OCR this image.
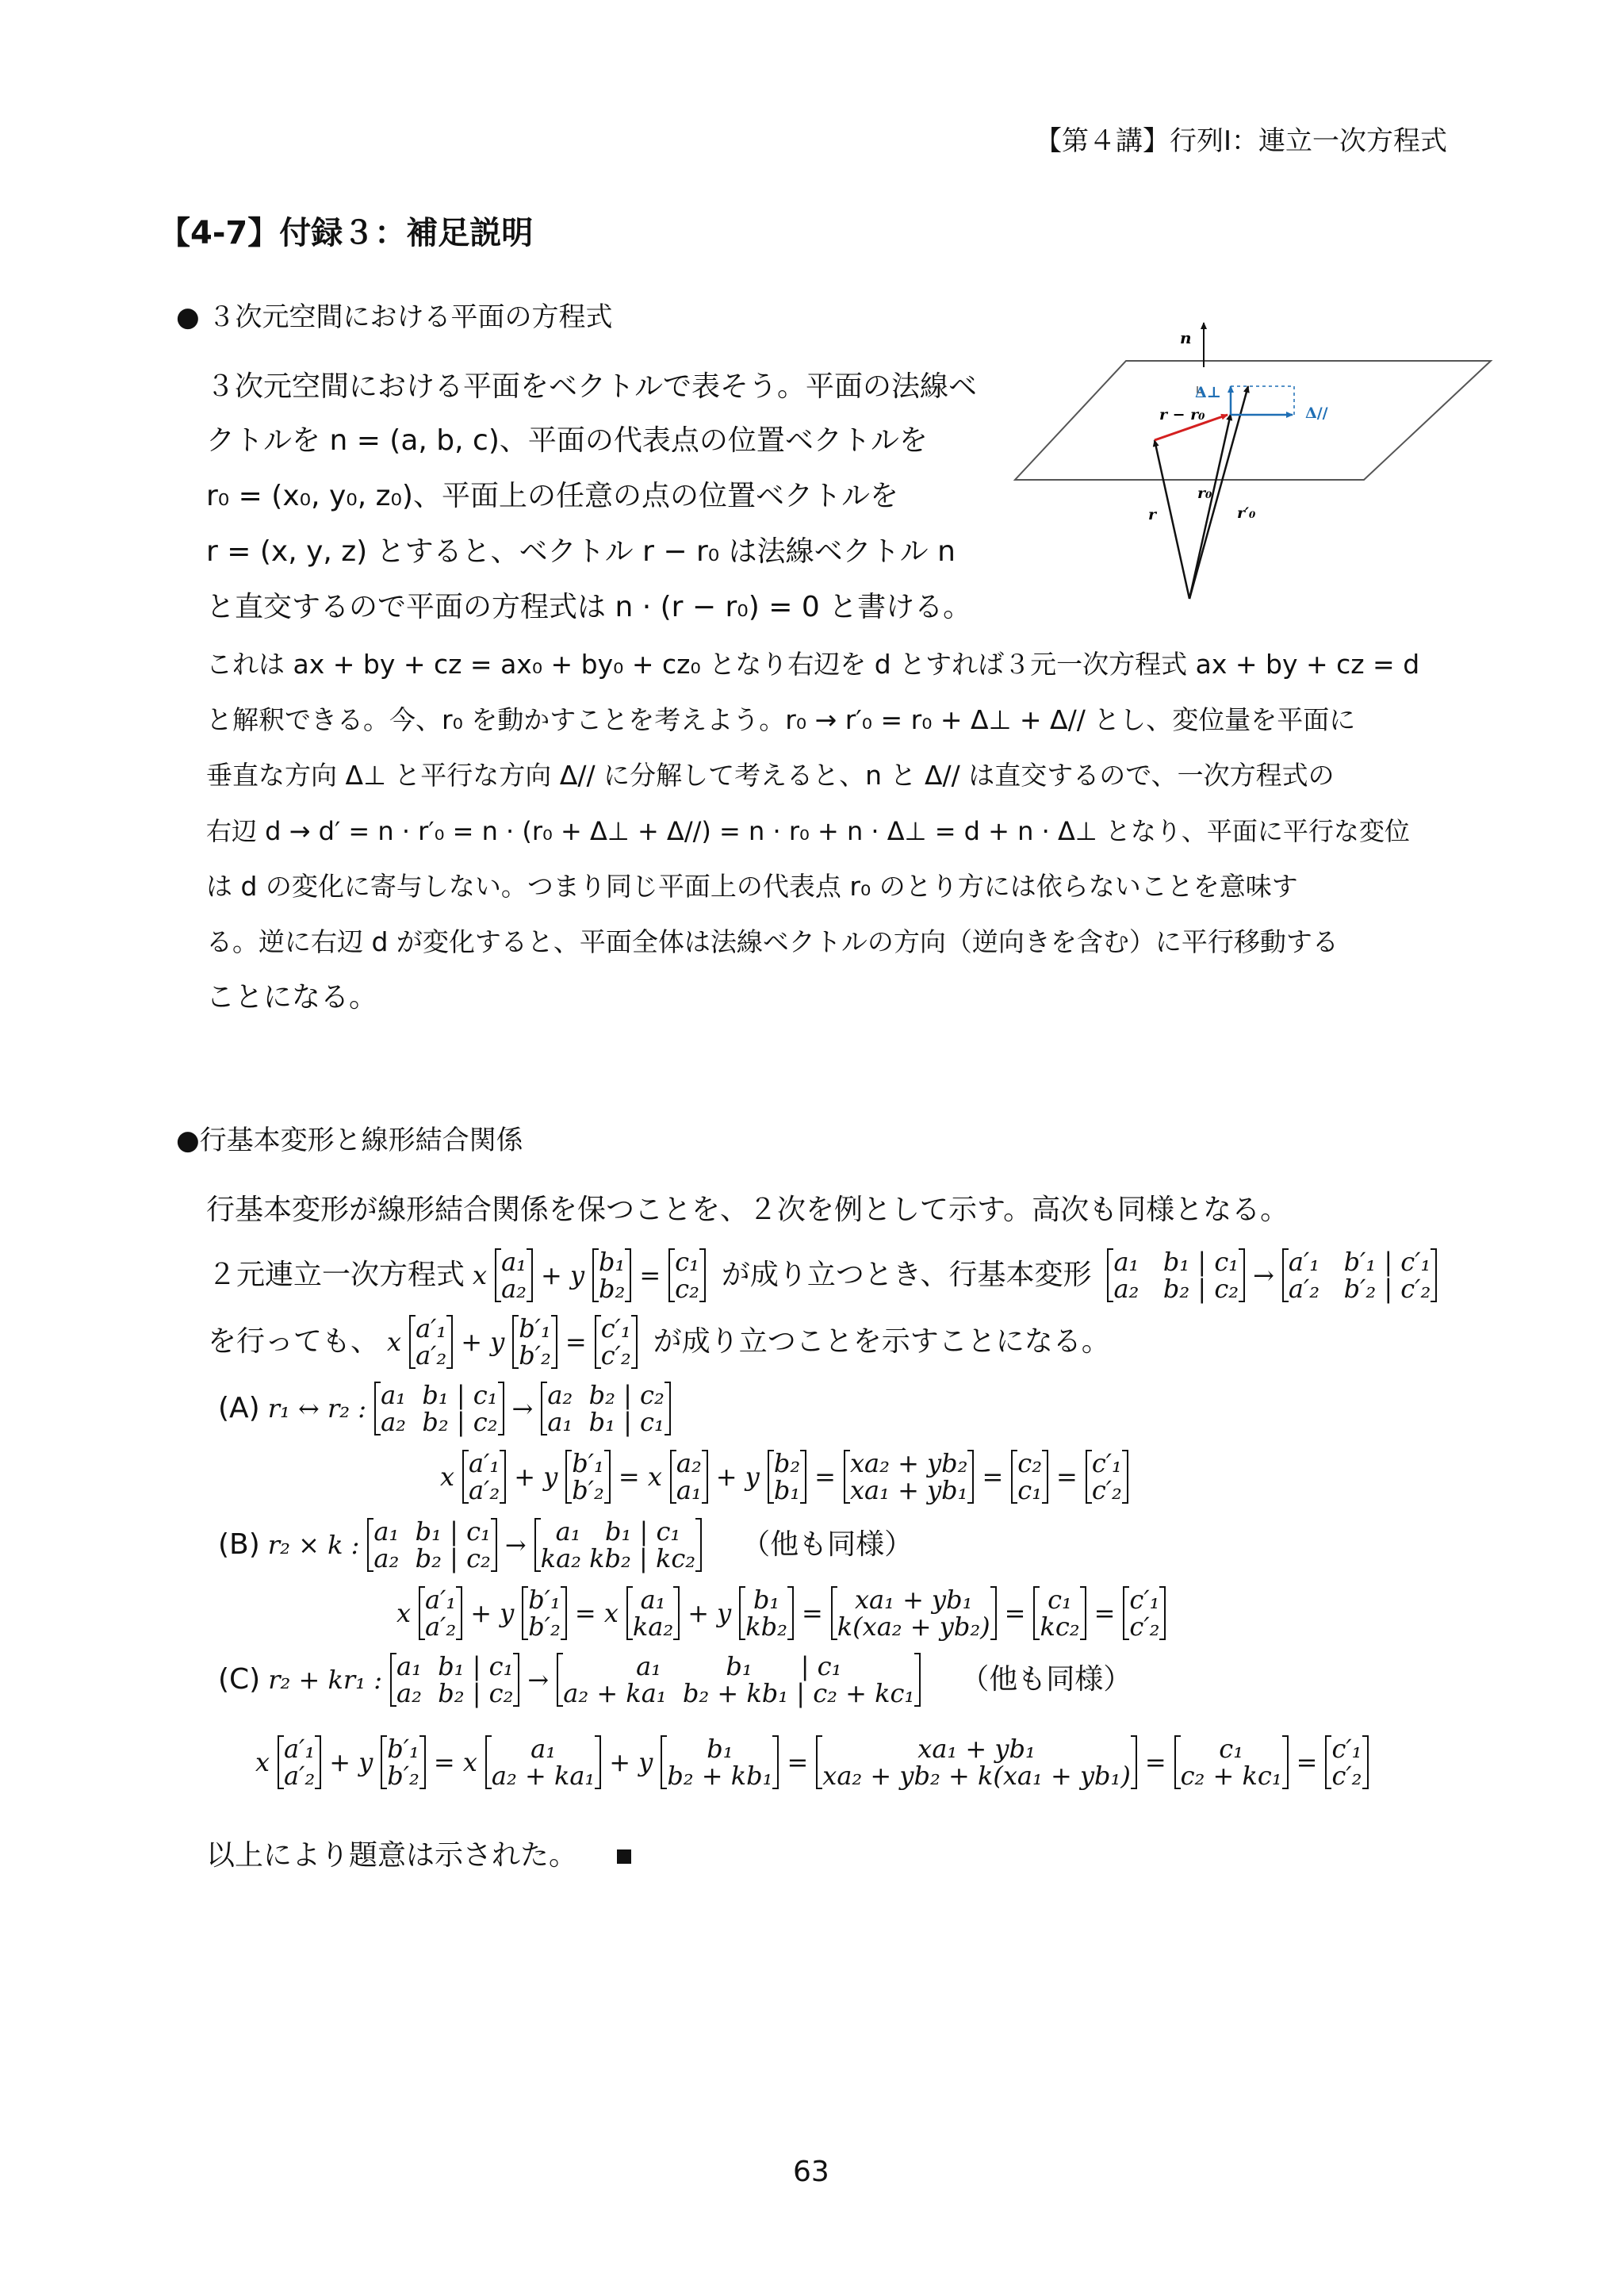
【第４講】行列Ⅰ：連立一次方程式
【4-7】付録３：補足説明
● ３次元空間における平面の方程式
３次元空間における平面をベクトルで表そう。平面の法線ベ
クトルを n = (a, b, c)、平面の代表点の位置ベクトルを
r₀ = (x₀, y₀, z₀)、平面上の任意の点の位置ベクトルを
r = (x, y, z) とすると、ベクトル r − r₀ は法線ベクトル n
と直交するので平面の方程式は n · (r − r₀) = 0 と書ける。
これは ax + by + cz = ax₀ + by₀ + cz₀ となり右辺を d とすれば３元一次方程式 ax + by + cz = d
と解釈できる。今、r₀ を動かすことを考えよう。r₀ → r′₀ = r₀ + Δ⊥ + Δ// とし、変位量を平面に
垂直な方向 Δ⊥ と平行な方向 Δ// に分解して考えると、n と Δ// は直交するので、一次方程式の
右辺 d → d′ = n · r′₀ = n · (r₀ + Δ⊥ + Δ//) = n · r₀ + n · Δ⊥ = d + n · Δ⊥ となり、平面に平行な変位
は d の変化に寄与しない。つまり同じ平面上の代表点 r₀ のとり方には依らないことを意味す
る。逆に右辺 d が変化すると、平面全体は法線ベクトルの方向（逆向きを含む）に平行移動する
ことになる。
n
Δ⊥
Δ//
r − r₀
r₀
r′₀
r
●行基本変形と線形結合関係
行基本変形が線形結合関係を保つことを、２次を例として示す。高次も同様となる。
２元連立一次方程式 x a₁
a₂ + y b₁
b₂ = c₁
c₂ が成り立つとき、行基本変形 a₁   b₁ | c₁
a₂   b₂ | c₂ → a′₁   b′₁ | c′₁
a′₂   b′₂ | c′₂
を行っても、 x a′₁
a′₂ + y b′₁
b′₂ = c′₁
c′₂ が成り立つことを示すことになる。
(A) r₁ ↔ r₂ : a₁  b₁ | c₁
a₂  b₂ | c₂ → a₂  b₂ | c₂
a₁  b₁ | c₁
x a′₁
a′₂ + y b′₁
b′₂ = x a₂
a₁ + y b₂
b₁ = xa₂ + yb₂
xa₁ + yb₁ = c₂
c₁ = c′₁
c′₂
(B) r₂ × k : a₁  b₁ | c₁
a₂  b₂ | c₂ →	a₁   b₁ | c₁
ka₂ kb₂ | kc₂ （他も同様）
x a′₁
a′₂ + y b′₁
b′₂ = x a₁
ka₂ + y b₁
kb₂ =	xa₁ + yb₁
k(xa₂ + yb₂) = c₁
kc₂ = c′₁
c′₂
(C) r₂ + kr₁ : a₁  b₁ | c₁
a₂  b₂ | c₂ →	a₁        b₁      | c₁
a₂ + ka₁  b₂ + kb₁ | c₂ + kc₁ （他も同様）
x a′₁
a′₂ + y b′₁
b′₂ = x	a₁
a₂ + ka₁ + y	b₁
b₂ + kb₁ =	xa₁ + yb₁
xa₂ + yb₂ + k(xa₁ + yb₁) =	c₁
c₂ + kc₁ = c′₁
c′₂
以上により題意は示された。
63
